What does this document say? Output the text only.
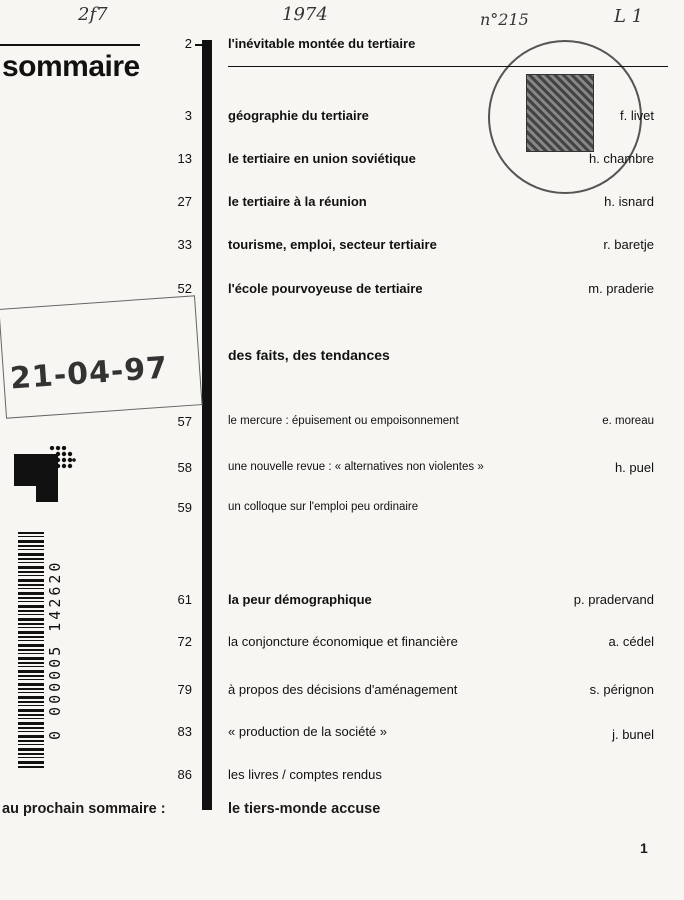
2f7	1974	n°215	L 1
sommaire
2	l'inévitable montée du tertiaire
3	géographie du tertiaire	f. livet
13	le tertiaire en union soviétique	h. chambre
27	le tertiaire à la réunion	h. isnard
33	tourisme, emploi, secteur tertiaire	r. baretje
52	l'école pourvoyeuse de tertiaire	m. praderie
21-04-97	des faits, des tendances
57	le mercure : épuisement ou empoisonnement	e. moreau
58	une nouvelle revue : « alternatives non violentes »	h. puel
59	un colloque sur l'emploi peu ordinaire
0 000005 142620	61	la peur démographique	p. pradervand
72	la conjoncture économique et financière	a. cédel
79	à propos des décisions d'aménagement	s. pérignon
83	« production de la société »	j. bunel
86	les livres / comptes rendus
au prochain sommaire :	le tiers-monde accuse
1
